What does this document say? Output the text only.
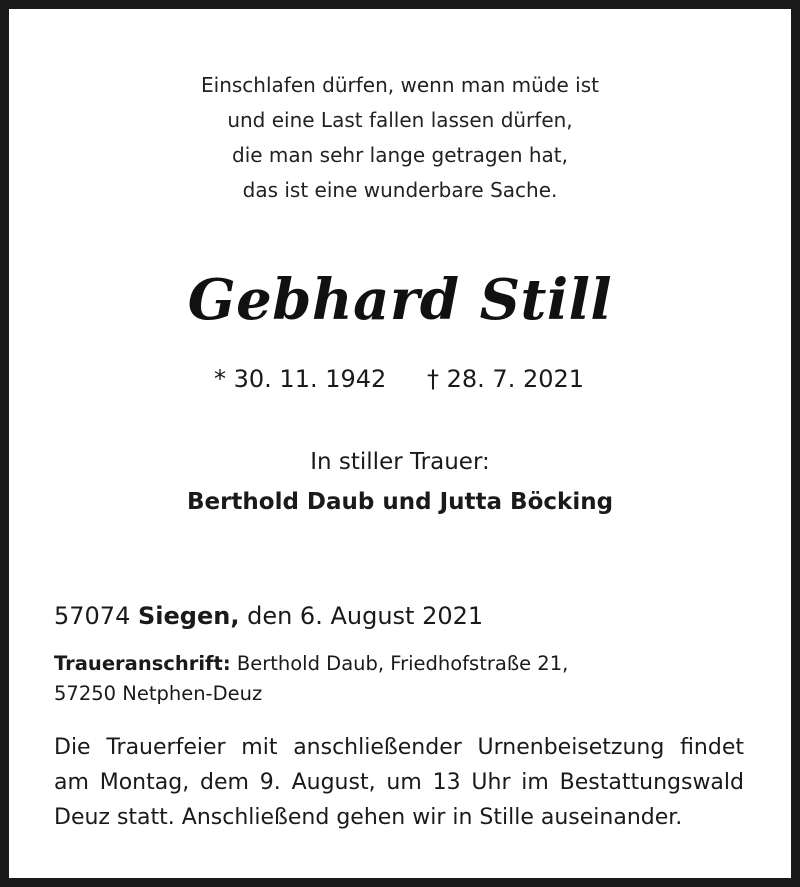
Einschlafen dürfen, wenn man müde ist
und eine Last fallen lassen dürfen,
die man sehr lange getragen hat,
das ist eine wunderbare Sache.
Gebhard Still
* 30. 11. 1942 † 28. 7. 2021
In stiller Trauer:
Berthold Daub und Jutta Böcking
57074 Siegen, den 6. August 2021
Traueranschrift: Berthold Daub, Friedhofstraße 21,
57250 Netphen-Deuz
Die Trauerfeier mit anschließender Urnenbeisetzung findet
am Montag, dem 9. August, um 13 Uhr im Bestattungswald
Deuz statt. Anschließend gehen wir in Stille auseinander.
